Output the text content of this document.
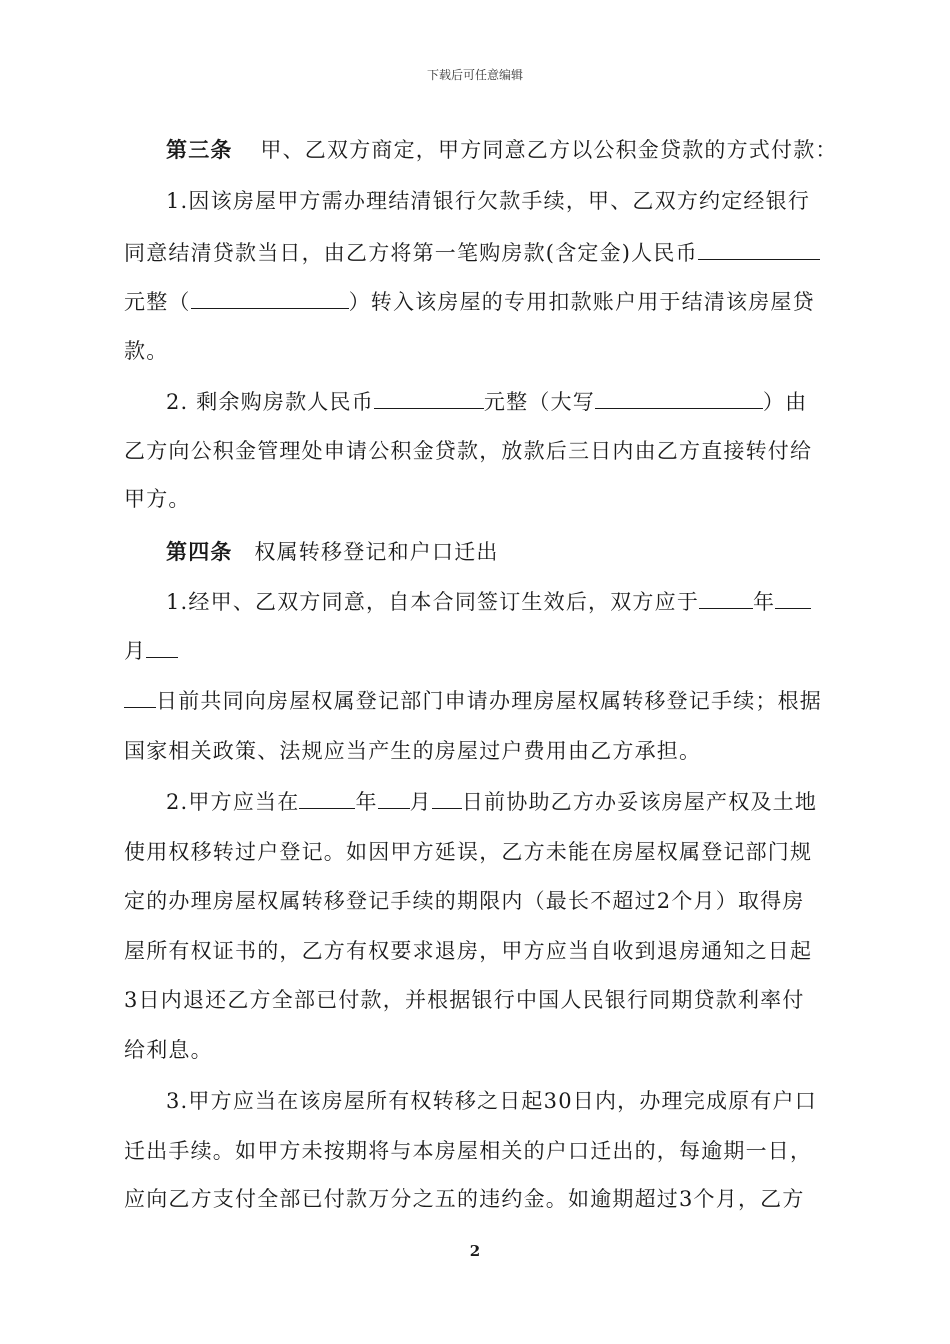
下载后可任意编辑
第三条 甲、乙双方商定，甲方同意乙方以公积金贷款的方式付款：
1.因该房屋甲方需办理结清银行欠款手续，甲、乙双方约定经银行
同意结清贷款当日，由乙方将第一笔购房款(含定金)人民币
元整（	）转入该房屋的专用扣款账户用于结清该房屋贷
款。
2. 剩余购房款人民币	元整（大写	）由
乙方向公积金管理处申请公积金贷款，放款后三日内由乙方直接转付给
甲方。
第四条 权属转移登记和户口迁出
1.经甲、乙双方同意，自本合同签订生效后，双方应于	年
月
日前共同向房屋权属登记部门申请办理房屋权属转移登记手续；根据
国家相关政策、法规应当产生的房屋过户费用由乙方承担。
2.甲方应当在	年 月 日前协助乙方办妥该房屋产权及土地
使用权移转过户登记。如因甲方延误，乙方未能在房屋权属登记部门规
定的办理房屋权属转移登记手续的期限内（最长不超过2个月）取得房
屋所有权证书的，乙方有权要求退房，甲方应当自收到退房通知之日起
3日内退还乙方全部已付款，并根据银行中国人民银行同期贷款利率付
给利息。
3.甲方应当在该房屋所有权转移之日起30日内，办理完成原有户口
迁出手续。如甲方未按期将与本房屋相关的户口迁出的，每逾期一日，
应向乙方支付全部已付款万分之五的违约金。如逾期超过3个月，乙方
2
